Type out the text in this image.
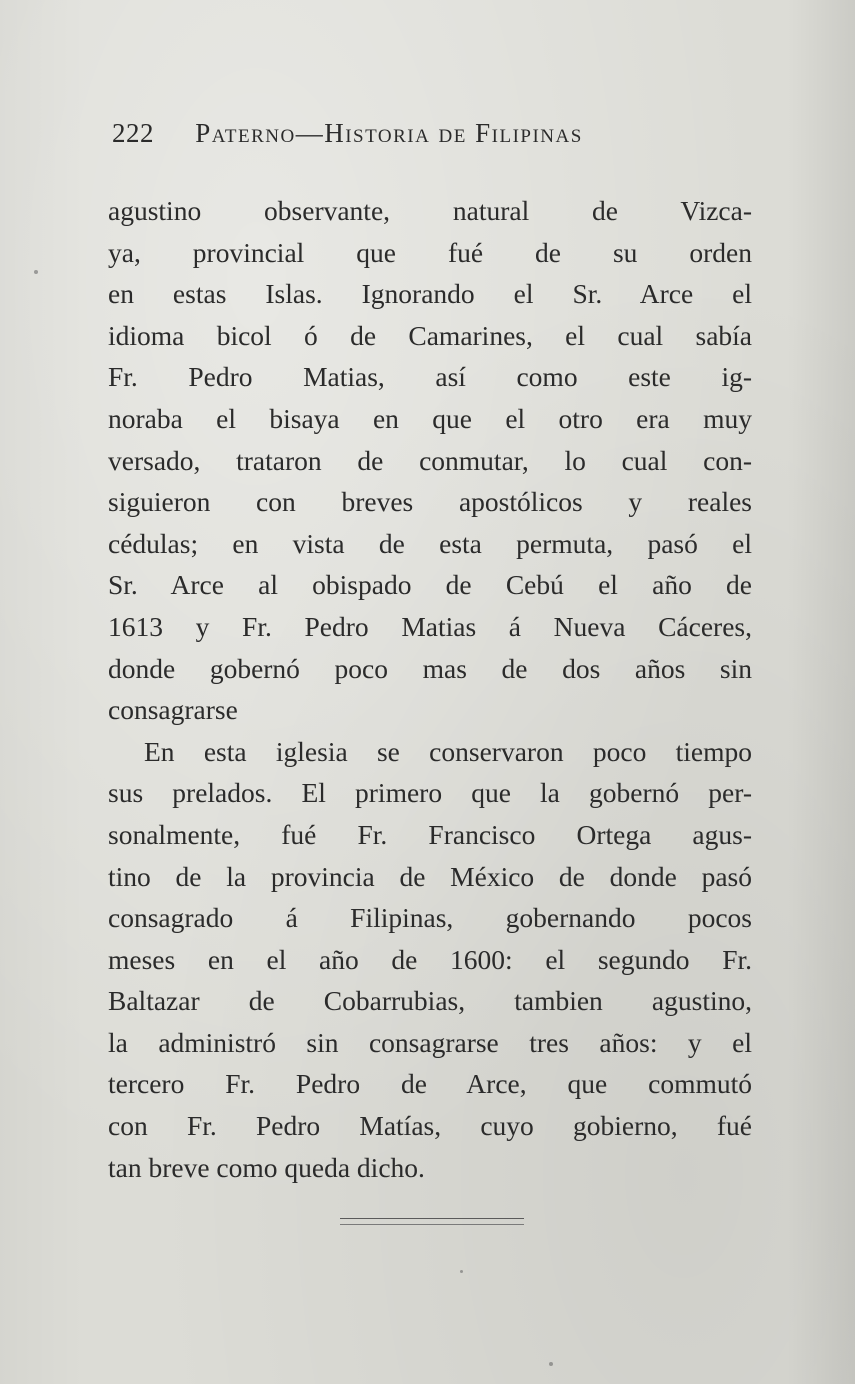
222 Paterno—Historia de Filipinas
agustino observante, natural de Vizca-
ya, provincial que fué de su orden
en estas Islas. Ignorando el Sr. Arce el
idioma bicol ó de Camarines, el cual sabía
Fr. Pedro Matias, así como este ig-
noraba el bisaya en que el otro era muy
versado, trataron de conmutar, lo cual con-
siguieron con breves apostólicos y reales
cédulas; en vista de esta permuta, pasó el
Sr. Arce al obispado de Cebú el año de
1613 y Fr. Pedro Matias á Nueva Cáceres,
donde gobernó poco mas de dos años sin
consagrarse
En esta iglesia se conservaron poco tiempo
sus prelados. El primero que la gobernó per-
sonalmente, fué Fr. Francisco Ortega agus-
tino de la provincia de México de donde pasó
consagrado á Filipinas, gobernando pocos
meses en el año de 1600: el segundo Fr.
Baltazar de Cobarrubias, tambien agustino,
la administró sin consagrarse tres años: y el
tercero Fr. Pedro de Arce, que commutó
con Fr. Pedro Matías, cuyo gobierno, fué
tan breve como queda dicho.
